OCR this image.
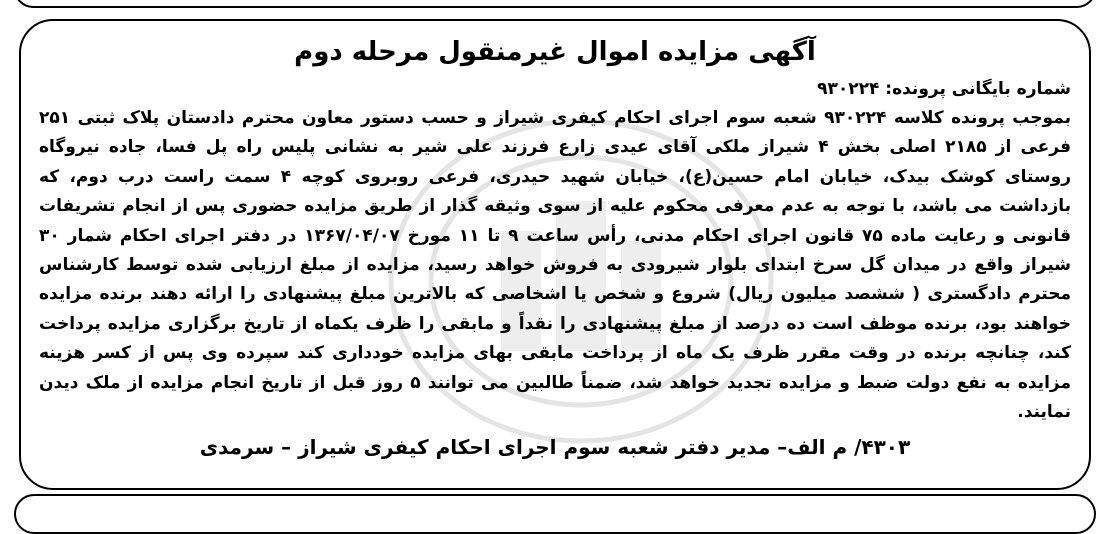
آگهی مزایده اموال غیرمنقول مرحله دوم
شماره بایگانی پرونده: ۹۳۰۲۲۴
بموجب پرونده کلاسه ۹۳۰۲۲۴ شعبه سوم اجرای احکام کیفری شیراز و حسب دستور معاون محترم دادستان پلاک ثبتی ۲۵۱ فرعی از ۲۱۸۵ اصلی بخش ۴ شیراز ملکی آقای عیدی زارع فرزند علی شیر به نشانی پلیس راه پل فسا، جاده نیروگاه روستای کوشک بیدک، خیابان امام حسین(ع)، خیابان شهید حیدری، فرعی روبروی کوچه ۴ سمت راست درب دوم، که بازداشت می باشد، با توجه به عدم معرفی محکوم علیه از سوی وثیقه گذار از طریق مزایده حضوری پس از انجام تشریفات قانونی و رعایت ماده ۷۵ قانون اجرای احکام مدنی، رأس ساعت ۹ تا ۱۱ مورخ ۱۳۶۷/۰۴/۰۷ در دفتر اجرای احکام شمار ۳۰ شیراز واقع در میدان گل سرخ ابتدای بلوار شیرودی به فروش خواهد رسید، مزایده از مبلغ ارزیابی شده توسط کارشناس محترم دادگستری ( ششصد میلیون ریال) شروع و شخص یا اشخاصی که بالاترین مبلغ پیشنهادی را ارائه دهند برنده مزایده خواهند بود، برنده موظف است ده درصد از مبلغ پیشنهادی را نقداً و مابقی را ظرف یکماه از تاریخ برگزاری مزایده پرداخت کند، چنانچه برنده در وقت مقرر ظرف یک ماه از پرداخت مابقی بهای مزایده خودداری کند سپرده وی پس از کسر هزینه مزایده به نفع دولت ضبط و مزایده تجدید خواهد شد، ضمناً طالبین می توانند ۵ روز قبل از تاریخ انجام مزایده از ملک دیدن نمایند.
۴۳۰۳/ م الف– مدیر دفتر شعبه سوم اجرای احکام کیفری شیراز – سرمدی
